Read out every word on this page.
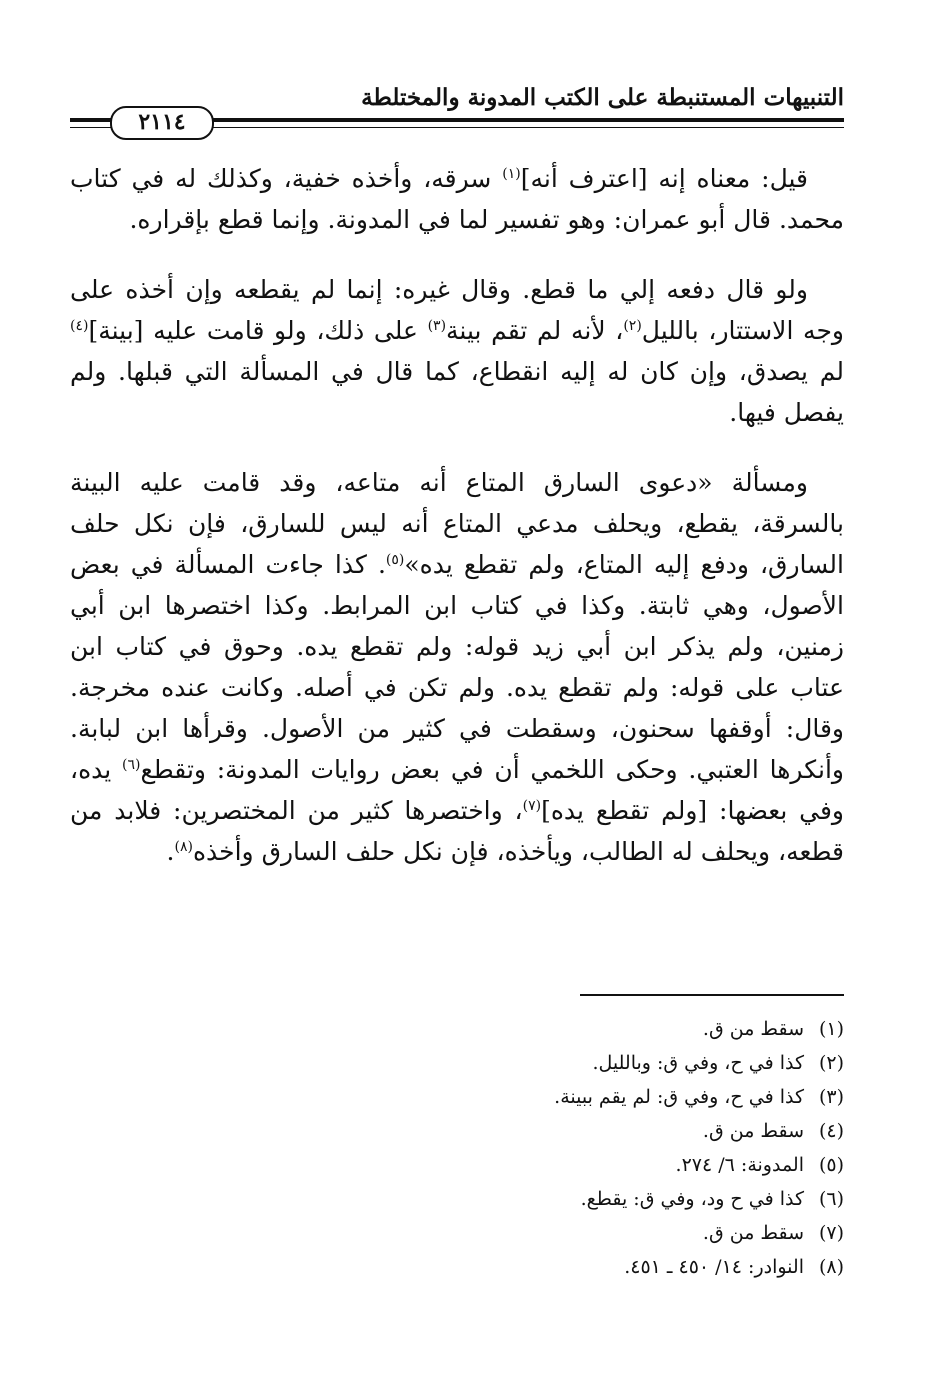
التنبيهات المستنبطة على الكتب المدونة والمختلطة
٢١١٤

قيل: معناه إنه [اعترف أنه]$^{(١)}$ سرقه، وأخذه خفية، وكذلك له في كتاب محمد. قال أبو عمران: وهو تفسير لما في المدونة. وإنما قطع بإقراره.

ولو قال دفعه إلي ما قطع. وقال غيره: إنما لم يقطعه وإن أخذه على وجه الاستتار، بالليل$^{(٢)}$، لأنه لم تقم بينة$^{(٣)}$ على ذلك، ولو قامت عليه [بينة]$^{(٤)}$ لم يصدق، وإن كان له إليه انقطاع، كما قال في المسألة التي قبلها. ولم يفصل فيها.

ومسألة «دعوى السارق المتاع أنه متاعه، وقد قامت عليه البينة بالسرقة، يقطع، ويحلف مدعي المتاع أنه ليس للسارق، فإن نكل حلف السارق، ودفع إليه المتاع، ولم تقطع يده»$^{(٥)}$. كذا جاءت المسألة في بعض الأصول، وهي ثابتة. وكذا في كتاب ابن المرابط. وكذا اختصرها ابن أبي زمنين، ولم يذكر ابن أبي زيد قوله: ولم تقطع يده. وحوق في كتاب ابن عتاب على قوله: ولم تقطع يده. ولم تكن في أصله. وكانت عنده مخرجة. وقال: أوقفها سحنون، وسقطت في كثير من الأصول. وقرأها ابن لبابة. وأنكرها العتبي. وحكى اللخمي أن في بعض روايات المدونة: وتقطع$^{(٦)}$ يده، وفي بعضها: [ولم تقطع يده]$^{(٧)}$، واختصرها كثير من المختصرين: فلابد من قطعه، ويحلف له الطالب، ويأخذه، فإن نكل حلف السارق وأخذه$^{(٨)}$.

(١)سقط من ق.
(٢)كذا في ح، وفي ق: وبالليل.
(٣)كذا في ح، وفي ق: لم يقم ببينة.
(٤)سقط من ق.
(٥)المدونة: ٦/ ٢٧٤.
(٦)كذا في ح ود، وفي ق: يقطع.
(٧)سقط من ق.
(٨)النوادر: ١٤/ ٤٥٠ ـ ٤٥١.
